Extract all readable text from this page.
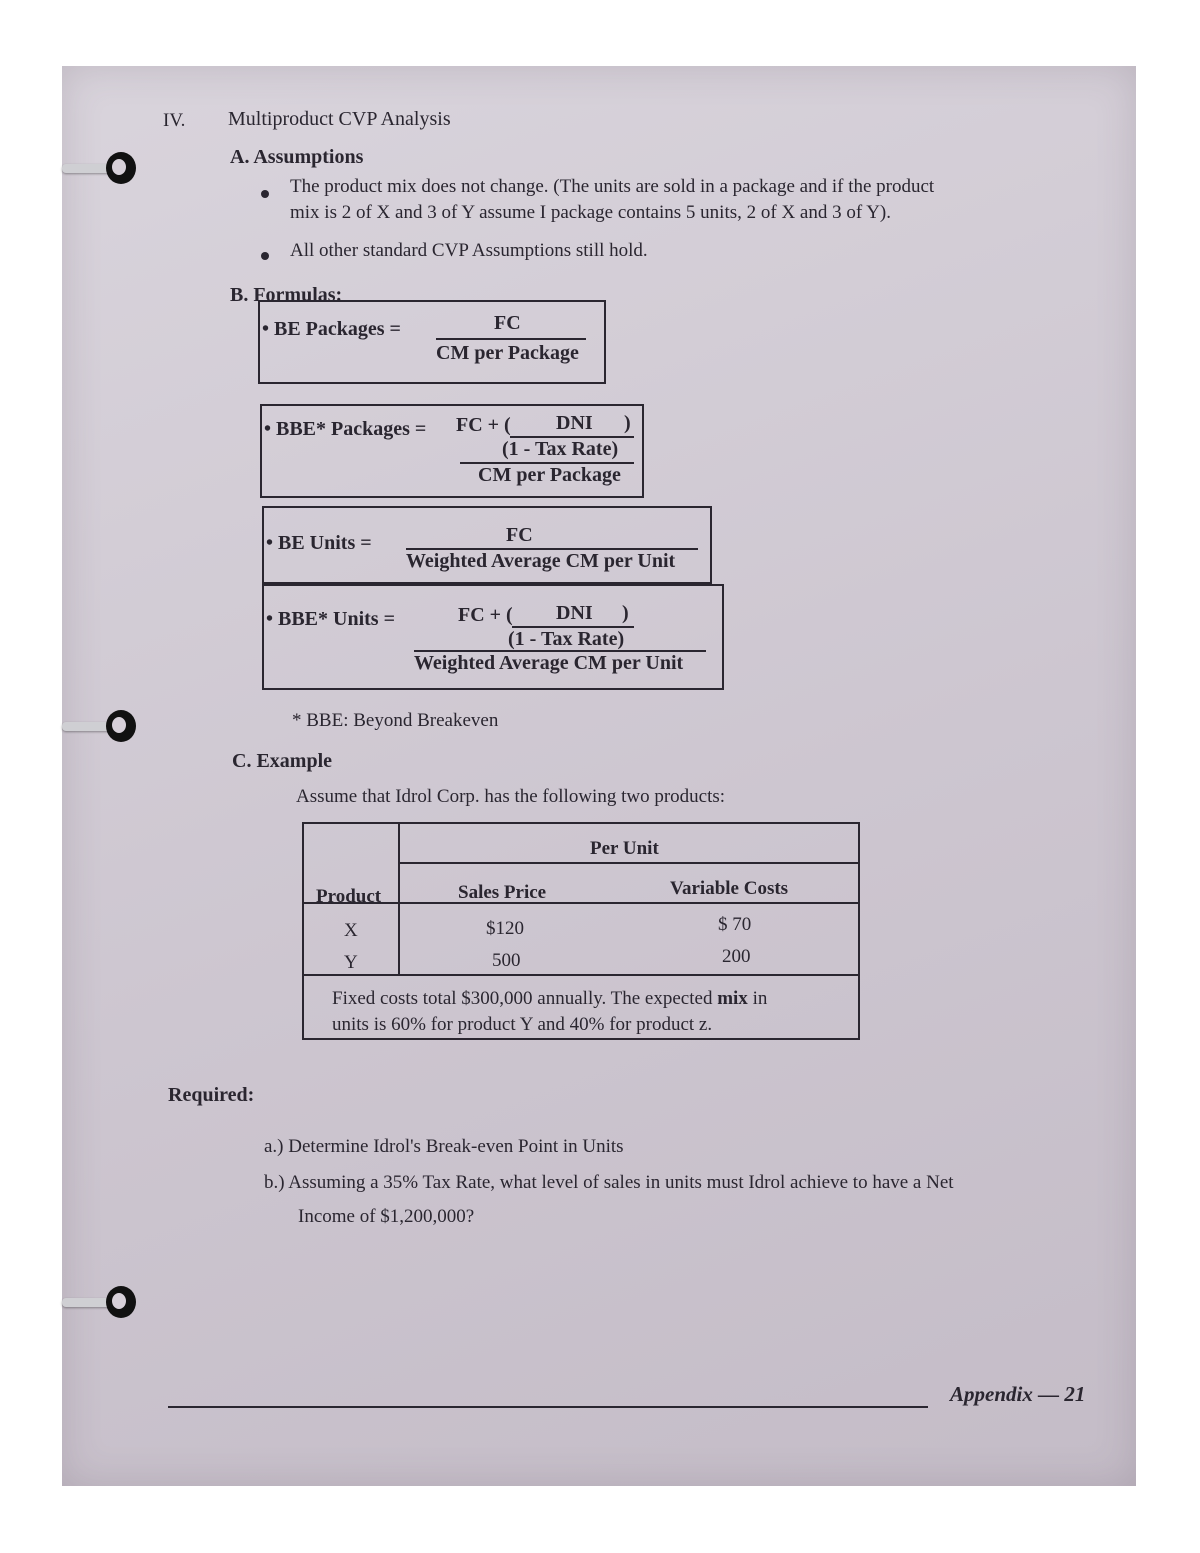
IV. Multiproduct CVP Analysis
A. Assumptions
The product mix does not change. (The units are sold in a package and if the product
mix is 2 of X and 3 of Y assume I package contains 5 units, 2 of X and 3 of Y).
All other standard CVP Assumptions still hold.
B. Formulas:
• BE Packages =	FC
CM per Package
• BBE* Packages = FC + ( DNI )
(1 - Tax Rate)
CM per Package
• BE Units =	FC
Weighted Average CM per Unit
• BBE* Units =	FC + ( DNI )
(1 - Tax Rate)
Weighted Average CM per Unit
* BBE: Beyond Breakeven
C. Example
Assume that Idrol Corp. has the following two products:
Per Unit
Product	Sales Price	Variable Costs
X	$120	$ 70
Y	500	200
Fixed costs total $300,000 annually. The expected mix in
units is 60% for product Y and 40% for product z.
Required:
a.) Determine Idrol's Break-even Point in Units
b.) Assuming a 35% Tax Rate, what level of sales in units must Idrol achieve to have a Net
Income of $1,200,000?
Appendix — 21
